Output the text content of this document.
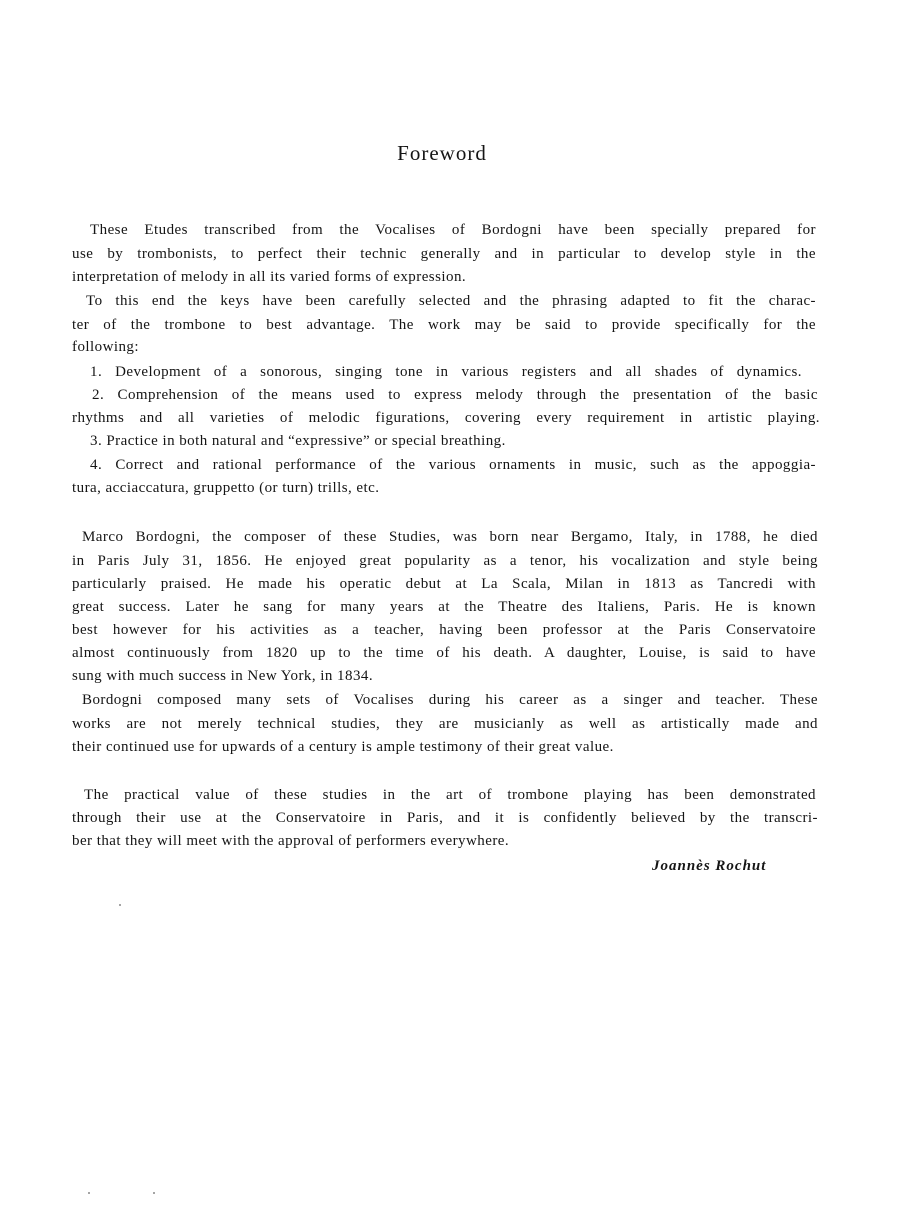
Foreword
These Etudes transcribed from the Vocalises of Bordogni have been specially prepared for
use by trombonists, to perfect their technic generally and in particular to develop style in the
interpretation of melody in all its varied forms of expression.
To this end the keys have been carefully selected and the phrasing adapted to fit the charac-
ter of the trombone to best advantage. The work may be said to provide specifically for the
following:
1. Development of a sonorous, singing tone in various registers and all shades of dynamics.
2. Comprehension of the means used to express melody through the presentation of the basic
rhythms and all varieties of melodic figurations, covering every requirement in artistic playing.
3. Practice in both natural and “expressive” or special breathing.
4. Correct and rational performance of the various ornaments in music, such as the appoggia-
tura, acciaccatura, gruppetto (or turn) trills, etc.
Marco Bordogni, the composer of these Studies, was born near Bergamo, Italy, in 1788, he died
in Paris July 31, 1856. He enjoyed great popularity as a tenor, his vocalization and style being
particularly praised. He made his operatic debut at La Scala, Milan in 1813 as Tancredi with
great success. Later he sang for many years at the Theatre des Italiens, Paris. He is known
best however for his activities as a teacher, having been professor at the Paris Conservatoire
almost continuously from 1820 up to the time of his death. A daughter, Louise, is said to have
sung with much success in New York, in 1834.
Bordogni composed many sets of Vocalises during his career as a singer and teacher. These
works are not merely technical studies, they are musicianly as well as artistically made and
their continued use for upwards of a century is ample testimony of their great value.
The practical value of these studies in the art of trombone playing has been demonstrated
through their use at the Conservatoire in Paris, and it is confidently believed by the transcri-
ber that they will meet with the approval of performers everywhere.
Joannès Rochut
